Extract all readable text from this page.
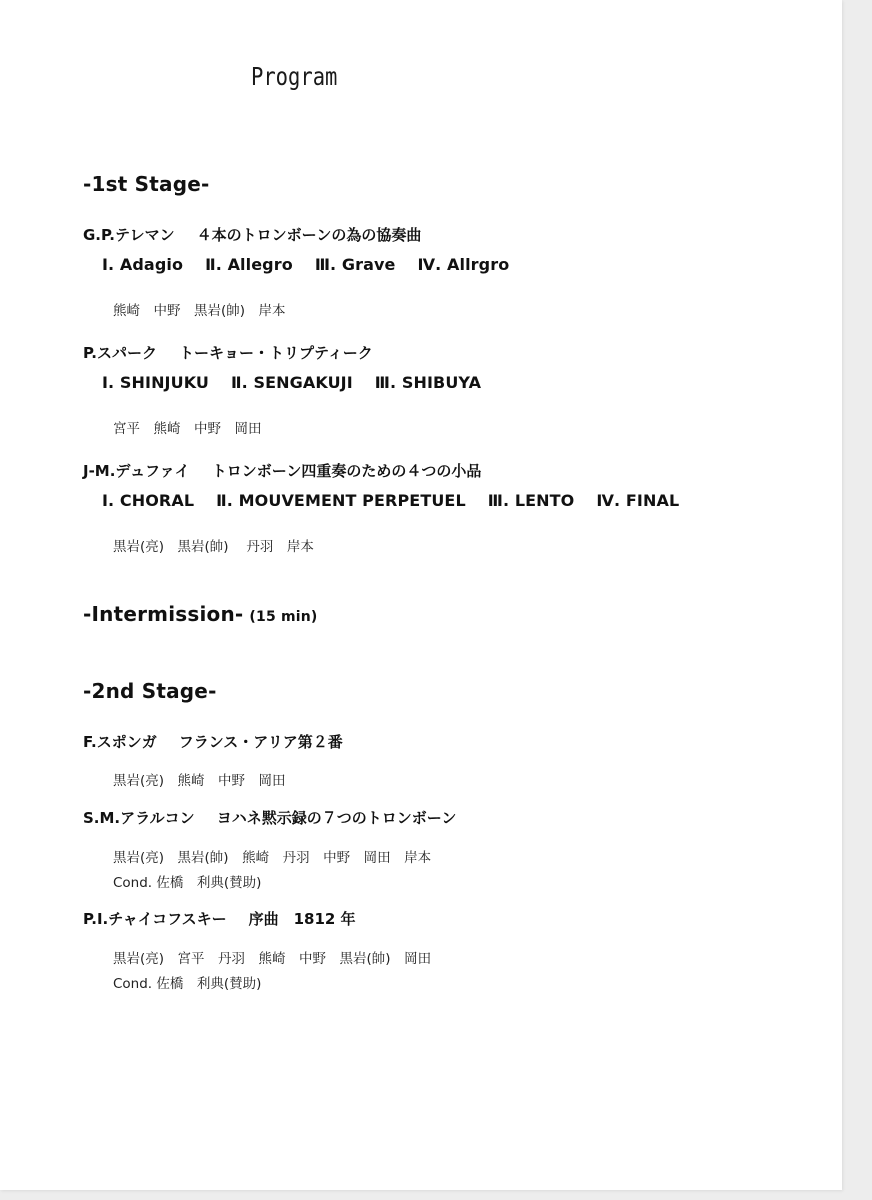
Program
-1st Stage-
G.P.テレマン ４本のトロンボーンの為の協奏曲
Ⅰ. Adagio Ⅱ. Allegro Ⅲ. Grave Ⅳ. Allrgro
熊崎　中野　黒岩(帥)　岸本
P.スパーク トーキョー・トリプティーク
Ⅰ. SHINJUKU Ⅱ. SENGAKUJI Ⅲ. SHIBUYA
宮平　熊崎　中野　岡田
J-M.デュファイ トロンボーン四重奏のための４つの小品
Ⅰ. CHORAL Ⅱ. MOUVEMENT PERPETUEL Ⅲ. LENTO Ⅳ. FINAL
黒岩(亮)　黒岩(帥)　 丹羽　岸本
-Intermission- (15 min)
-2nd Stage-
F.スポンガ フランス・アリア第２番
黒岩(亮)　熊崎　中野　岡田
S.M.アラルコン ヨハネ黙示録の７つのトロンボーン
黒岩(亮)　黒岩(帥)　熊崎　丹羽　中野　岡田　岸本
Cond. 佐橋　利典(賛助)
P.I.チャイコフスキー 序曲　1812 年
黒岩(亮)　宮平　丹羽　熊崎　中野　黒岩(帥)　岡田
Cond. 佐橋　利典(賛助)
